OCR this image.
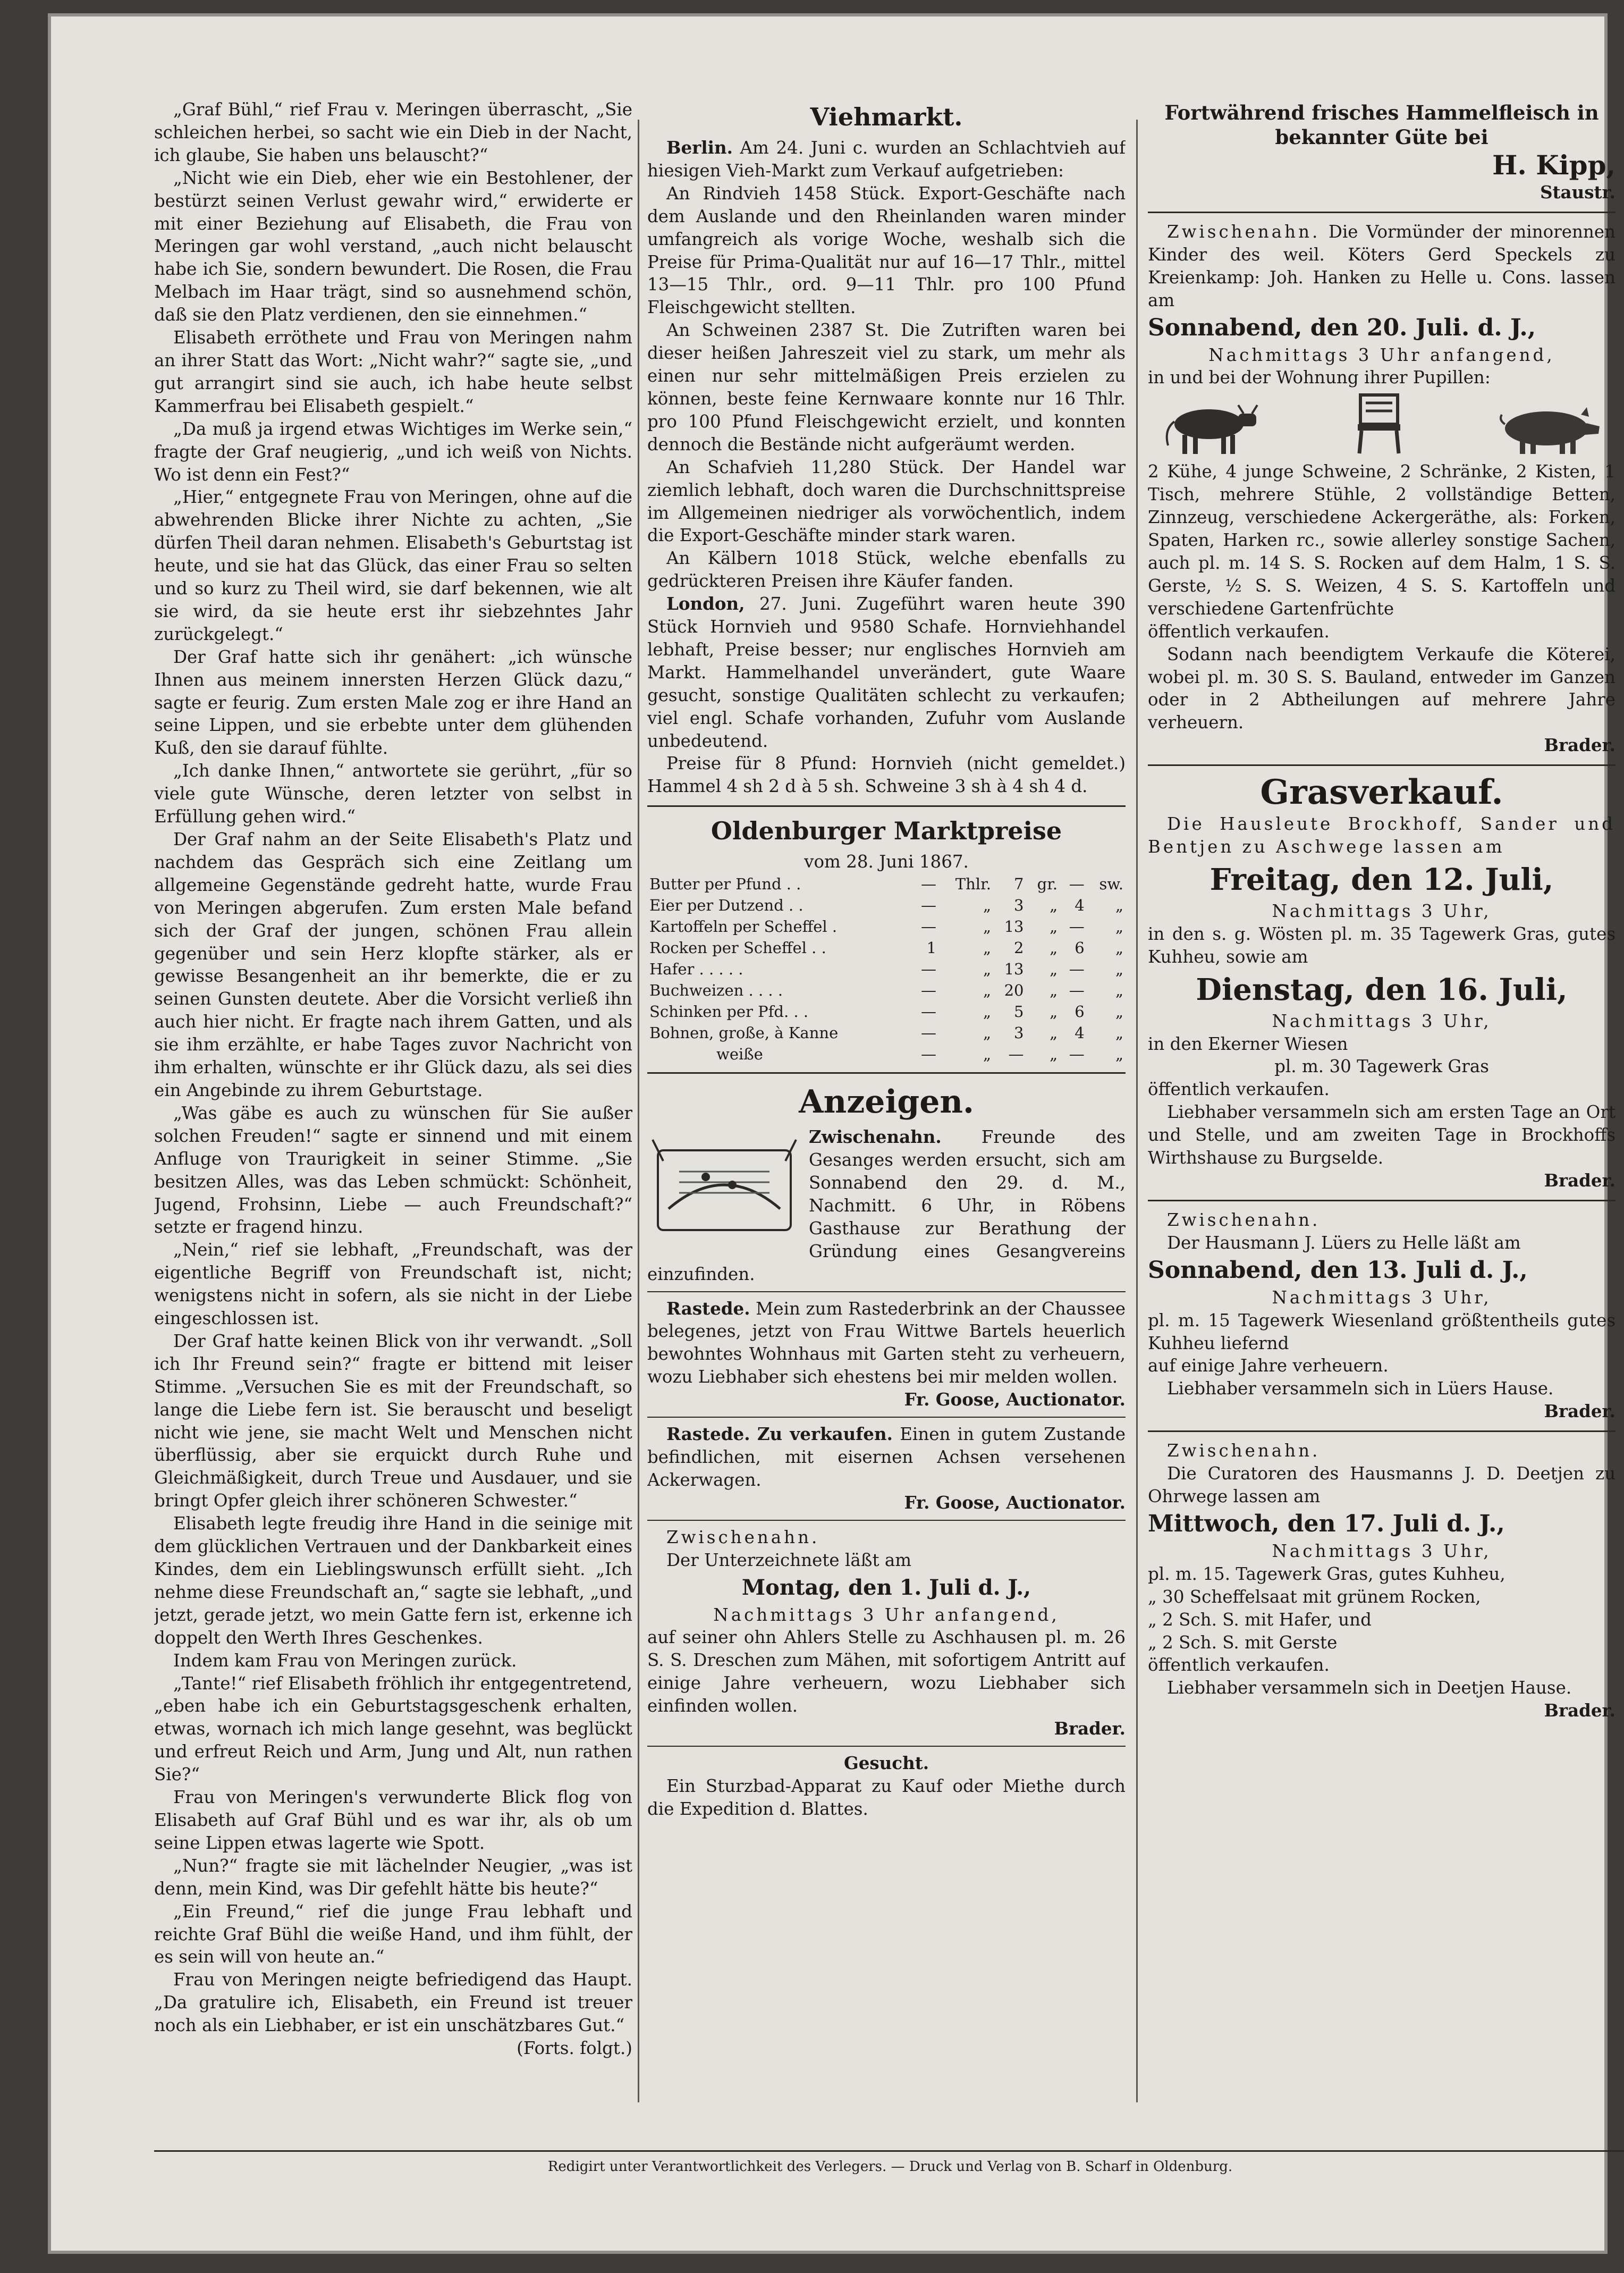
„Graf Bühl,“ rief Frau v. Meringen überrascht, „Sie schleichen herbei, so sacht wie ein Dieb in der Nacht, ich glaube, Sie haben uns belauscht?“

„Nicht wie ein Dieb, eher wie ein Bestohlener, der bestürzt seinen Verlust gewahr wird,“ erwiderte er mit einer Beziehung auf Elisabeth, die Frau von Meringen gar wohl verstand, „auch nicht belauscht habe ich Sie, sondern bewundert. Die Rosen, die Frau Melbach im Haar trägt, sind so ausnehmend schön, daß sie den Platz verdienen, den sie einnehmen.“

Elisabeth erröthete und Frau von Meringen nahm an ihrer Statt das Wort: „Nicht wahr?“ sagte sie, „und gut arrangirt sind sie auch, ich habe heute selbst Kammerfrau bei Elisabeth gespielt.“

„Da muß ja irgend etwas Wichtiges im Werke sein,“ fragte der Graf neugierig, „und ich weiß von Nichts. Wo ist denn ein Fest?“

„Hier,“ entgegnete Frau von Meringen, ohne auf die abwehrenden Blicke ihrer Nichte zu achten, „Sie dürfen Theil daran nehmen. Elisabeth's Geburtstag ist heute, und sie hat das Glück, das einer Frau so selten und so kurz zu Theil wird, sie darf bekennen, wie alt sie wird, da sie heute erst ihr siebzehntes Jahr zurückgelegt.“

Der Graf hatte sich ihr genähert: „ich wünsche Ihnen aus meinem innersten Herzen Glück dazu,“ sagte er feurig. Zum ersten Male zog er ihre Hand an seine Lippen, und sie erbebte unter dem glühenden Kuß, den sie darauf fühlte.

„Ich danke Ihnen,“ antwortete sie gerührt, „für so viele gute Wünsche, deren letzter von selbst in Erfüllung gehen wird.“

Der Graf nahm an der Seite Elisabeth's Platz und nachdem das Gespräch sich eine Zeitlang um allgemeine Gegenstände gedreht hatte, wurde Frau von Meringen abgerufen. Zum ersten Male befand sich der Graf der jungen, schönen Frau allein gegenüber und sein Herz klopfte stärker, als er gewisse Besangenheit an ihr bemerkte, die er zu seinen Gunsten deutete. Aber die Vorsicht verließ ihn auch hier nicht. Er fragte nach ihrem Gatten, und als sie ihm erzählte, er habe Tages zuvor Nachricht von ihm erhalten, wünschte er ihr Glück dazu, als sei dies ein Angebinde zu ihrem Geburtstage.

„Was gäbe es auch zu wünschen für Sie außer solchen Freuden!“ sagte er sinnend und mit einem Anfluge von Traurigkeit in seiner Stimme. „Sie besitzen Alles, was das Leben schmückt: Schönheit, Jugend, Frohsinn, Liebe — auch Freundschaft?“ setzte er fragend hinzu.

„Nein,“ rief sie lebhaft, „Freundschaft, was der eigentliche Begriff von Freundschaft ist, nicht; wenigstens nicht in sofern, als sie nicht in der Liebe eingeschlossen ist.

Der Graf hatte keinen Blick von ihr verwandt. „Soll ich Ihr Freund sein?“ fragte er bittend mit leiser Stimme. „Versuchen Sie es mit der Freundschaft, so lange die Liebe fern ist. Sie berauscht und beseligt nicht wie jene, sie macht Welt und Menschen nicht überflüssig, aber sie erquickt durch Ruhe und Gleichmäßigkeit, durch Treue und Ausdauer, und sie bringt Opfer gleich ihrer schöneren Schwester.“

Elisabeth legte freudig ihre Hand in die seinige mit dem glücklichen Vertrauen und der Dankbarkeit eines Kindes, dem ein Lieblingswunsch erfüllt sieht. „Ich nehme diese Freundschaft an,“ sagte sie lebhaft, „und jetzt, gerade jetzt, wo mein Gatte fern ist, erkenne ich doppelt den Werth Ihres Geschenkes.

Indem kam Frau von Meringen zurück.

„Tante!“ rief Elisabeth fröhlich ihr entgegentretend, „eben habe ich ein Geburtstagsgeschenk erhalten, etwas, wornach ich mich lange gesehnt, was beglückt und erfreut Reich und Arm, Jung und Alt, nun rathen Sie?“

Frau von Meringen's verwunderte Blick flog von Elisabeth auf Graf Bühl und es war ihr, als ob um seine Lippen etwas lagerte wie Spott.

„Nun?“ fragte sie mit lächelnder Neugier, „was ist denn, mein Kind, was Dir gefehlt hätte bis heute?“

„Ein Freund,“ rief die junge Frau lebhaft und reichte Graf Bühl die weiße Hand, und ihm fühlt, der es sein will von heute an.“

Frau von Meringen neigte befriedigend das Haupt. „Da gratulire ich, Elisabeth, ein Freund ist treuer noch als ein Liebhaber, er ist ein unschätzbares Gut.“

(Forts. folgt.)

Viehmarkt.

Berlin. Am 24. Juni c. wurden an Schlachtvieh auf hiesigen Vieh-Markt zum Verkauf aufgetrieben:

An Rindvieh 1458 Stück. Export-Geschäfte nach dem Auslande und den Rheinlanden waren minder umfangreich als vorige Woche, weshalb sich die Preise für Prima-Qualität nur auf 16—17 Thlr., mittel 13—15 Thlr., ord. 9—11 Thlr. pro 100 Pfund Fleischgewicht stellten.

An Schweinen 2387 St. Die Zutriften waren bei dieser heißen Jahreszeit viel zu stark, um mehr als einen nur sehr mittelmäßigen Preis erzielen zu können, beste feine Kernwaare konnte nur 16 Thlr. pro 100 Pfund Fleischgewicht erzielt, und konnten dennoch die Bestände nicht aufgeräumt werden.

An Schafvieh 11,280 Stück. Der Handel war ziemlich lebhaft, doch waren die Durchschnittspreise im Allgemeinen niedriger als vorwöchentlich, indem die Export-Geschäfte minder stark waren.

An Kälbern 1018 Stück, welche ebenfalls zu gedrückteren Preisen ihre Käufer fanden.

London, 27. Juni. Zugeführt waren heute 390 Stück Hornvieh und 9580 Schafe. Hornviehhandel lebhaft, Preise besser; nur englisches Hornvieh am Markt. Hammelhandel unverändert, gute Waare gesucht, sonstige Qualitäten schlecht zu verkaufen; viel engl. Schafe vorhanden, Zufuhr vom Auslande unbedeutend.

Preise für 8 Pfund: Hornvieh (nicht gemeldet.) Hammel 4 sh 2 d à 5 sh. Schweine 3 sh à 4 sh 4 d.

Oldenburger Marktpreise

vom 28. Juni 1867.

Butter per Pfund . .	—	Thlr.	7	gr.	—	sw.
Eier per Dutzend . .	—	„	3	„	4	„
Kartoffeln per Scheffel .	—	„	13	„	—	„
Rocken per Scheffel . .	1	„	2	„	6	„
Hafer . . . . .	—	„	13	„	—	„
Buchweizen . . . .	—	„	20	„	—	„
Schinken per Pfd. . .	—	„	5	„	6	„
Bohnen, große, à Kanne	—	„	3	„	4	„
weiße	—	„	—	„	—	„
Anzeigen.

Zwischenahn. Freunde des Gesanges werden ersucht, sich am Sonnabend den 29. d. M., Nachmitt. 6 Uhr, in Röbens Gasthause zur Berathung der Gründung eines Gesangvereins einzufinden.

Rastede. Mein zum Rastederbrink an der Chaussee belegenes, jetzt von Frau Wittwe Bartels heuerlich bewohntes Wohnhaus mit Garten steht zu verheuern, wozu Liebhaber sich ehestens bei mir melden wollen.

Fr. Goose, Auctionator.

Rastede. Zu verkaufen. Einen in gutem Zustande befindlichen, mit eisernen Achsen versehenen Ackerwagen.

Fr. Goose, Auctionator.

Zwischenahn.

Der Unterzeichnete läßt am

Montag, den 1. Juli d. J.,

Nachmittags 3 Uhr anfangend,

auf seiner ohn Ahlers Stelle zu Aschhausen pl. m. 26 S. S. Dreschen zum Mähen, mit sofortigem Antritt auf einige Jahre verheuern, wozu Liebhaber sich einfinden wollen.

Brader.

Gesucht.

Ein Sturzbad-Apparat zu Kauf oder Miethe durch die Expedition d. Blattes.

Fortwährend frisches Hammelfleisch in bekannter Güte bei

H. Kipp,

Staustr.

Zwischenahn. Die Vormünder der minorennen Kinder des weil. Köters Gerd Speckels zu Kreienkamp: Joh. Hanken zu Helle u. Cons. lassen am

Sonnabend, den 20. Juli. d. J.,

Nachmittags 3 Uhr anfangend,

in und bei der Wohnung ihrer Pupillen:

2 Kühe, 4 junge Schweine, 2 Schränke, 2 Kisten, 1 Tisch, mehrere Stühle, 2 vollständige Betten, Zinnzeug, verschiedene Ackergeräthe, als: Forken, Spaten, Harken rc., sowie allerley sonstige Sachen, auch pl. m. 14 S. S. Rocken auf dem Halm, 1 S. S. Gerste, ½ S. S. Weizen, 4 S. S. Kartoffeln und verschiedene Gartenfrüchte

öffentlich verkaufen.

Sodann nach beendigtem Verkaufe die Köterei, wobei pl. m. 30 S. S. Bauland, entweder im Ganzen oder in 2 Abtheilungen auf mehrere Jahre verheuern.

Brader.

Grasverkauf.

Die Hausleute Brockhoff, Sander und Bentjen zu Aschwege lassen am

Freitag, den 12. Juli,

Nachmittags 3 Uhr,

in den s. g. Wösten pl. m. 35 Tagewerk Gras, gutes Kuhheu, sowie am

Dienstag, den 16. Juli,

Nachmittags 3 Uhr,

in den Ekerner Wiesen

pl. m. 30 Tagewerk Gras

öffentlich verkaufen.

Liebhaber versammeln sich am ersten Tage an Ort und Stelle, und am zweiten Tage in Brockhoffs Wirthshause zu Burgselde.

Brader.

Zwischenahn.

Der Hausmann J. Lüers zu Helle läßt am

Sonnabend, den 13. Juli d. J.,

Nachmittags 3 Uhr,

pl. m. 15 Tagewerk Wiesenland größtentheils gutes Kuhheu liefernd

auf einige Jahre verheuern.

Liebhaber versammeln sich in Lüers Hause.

Brader.

Zwischenahn.

Die Curatoren des Hausmanns J. D. Deetjen zu Ohrwege lassen am

Mittwoch, den 17. Juli d. J.,

Nachmittags 3 Uhr,

pl. m. 15. Tagewerk Gras, gutes Kuhheu,

„ 30 Scheffelsaat mit grünem Rocken,

„ 2 Sch. S. mit Hafer, und

„ 2 Sch. S. mit Gerste

öffentlich verkaufen.

Liebhaber versammeln sich in Deetjen Hause.

Brader.

Redigirt unter Verantwortlichkeit des Verlegers. — Druck und Verlag von B. Scharf in Oldenburg.
